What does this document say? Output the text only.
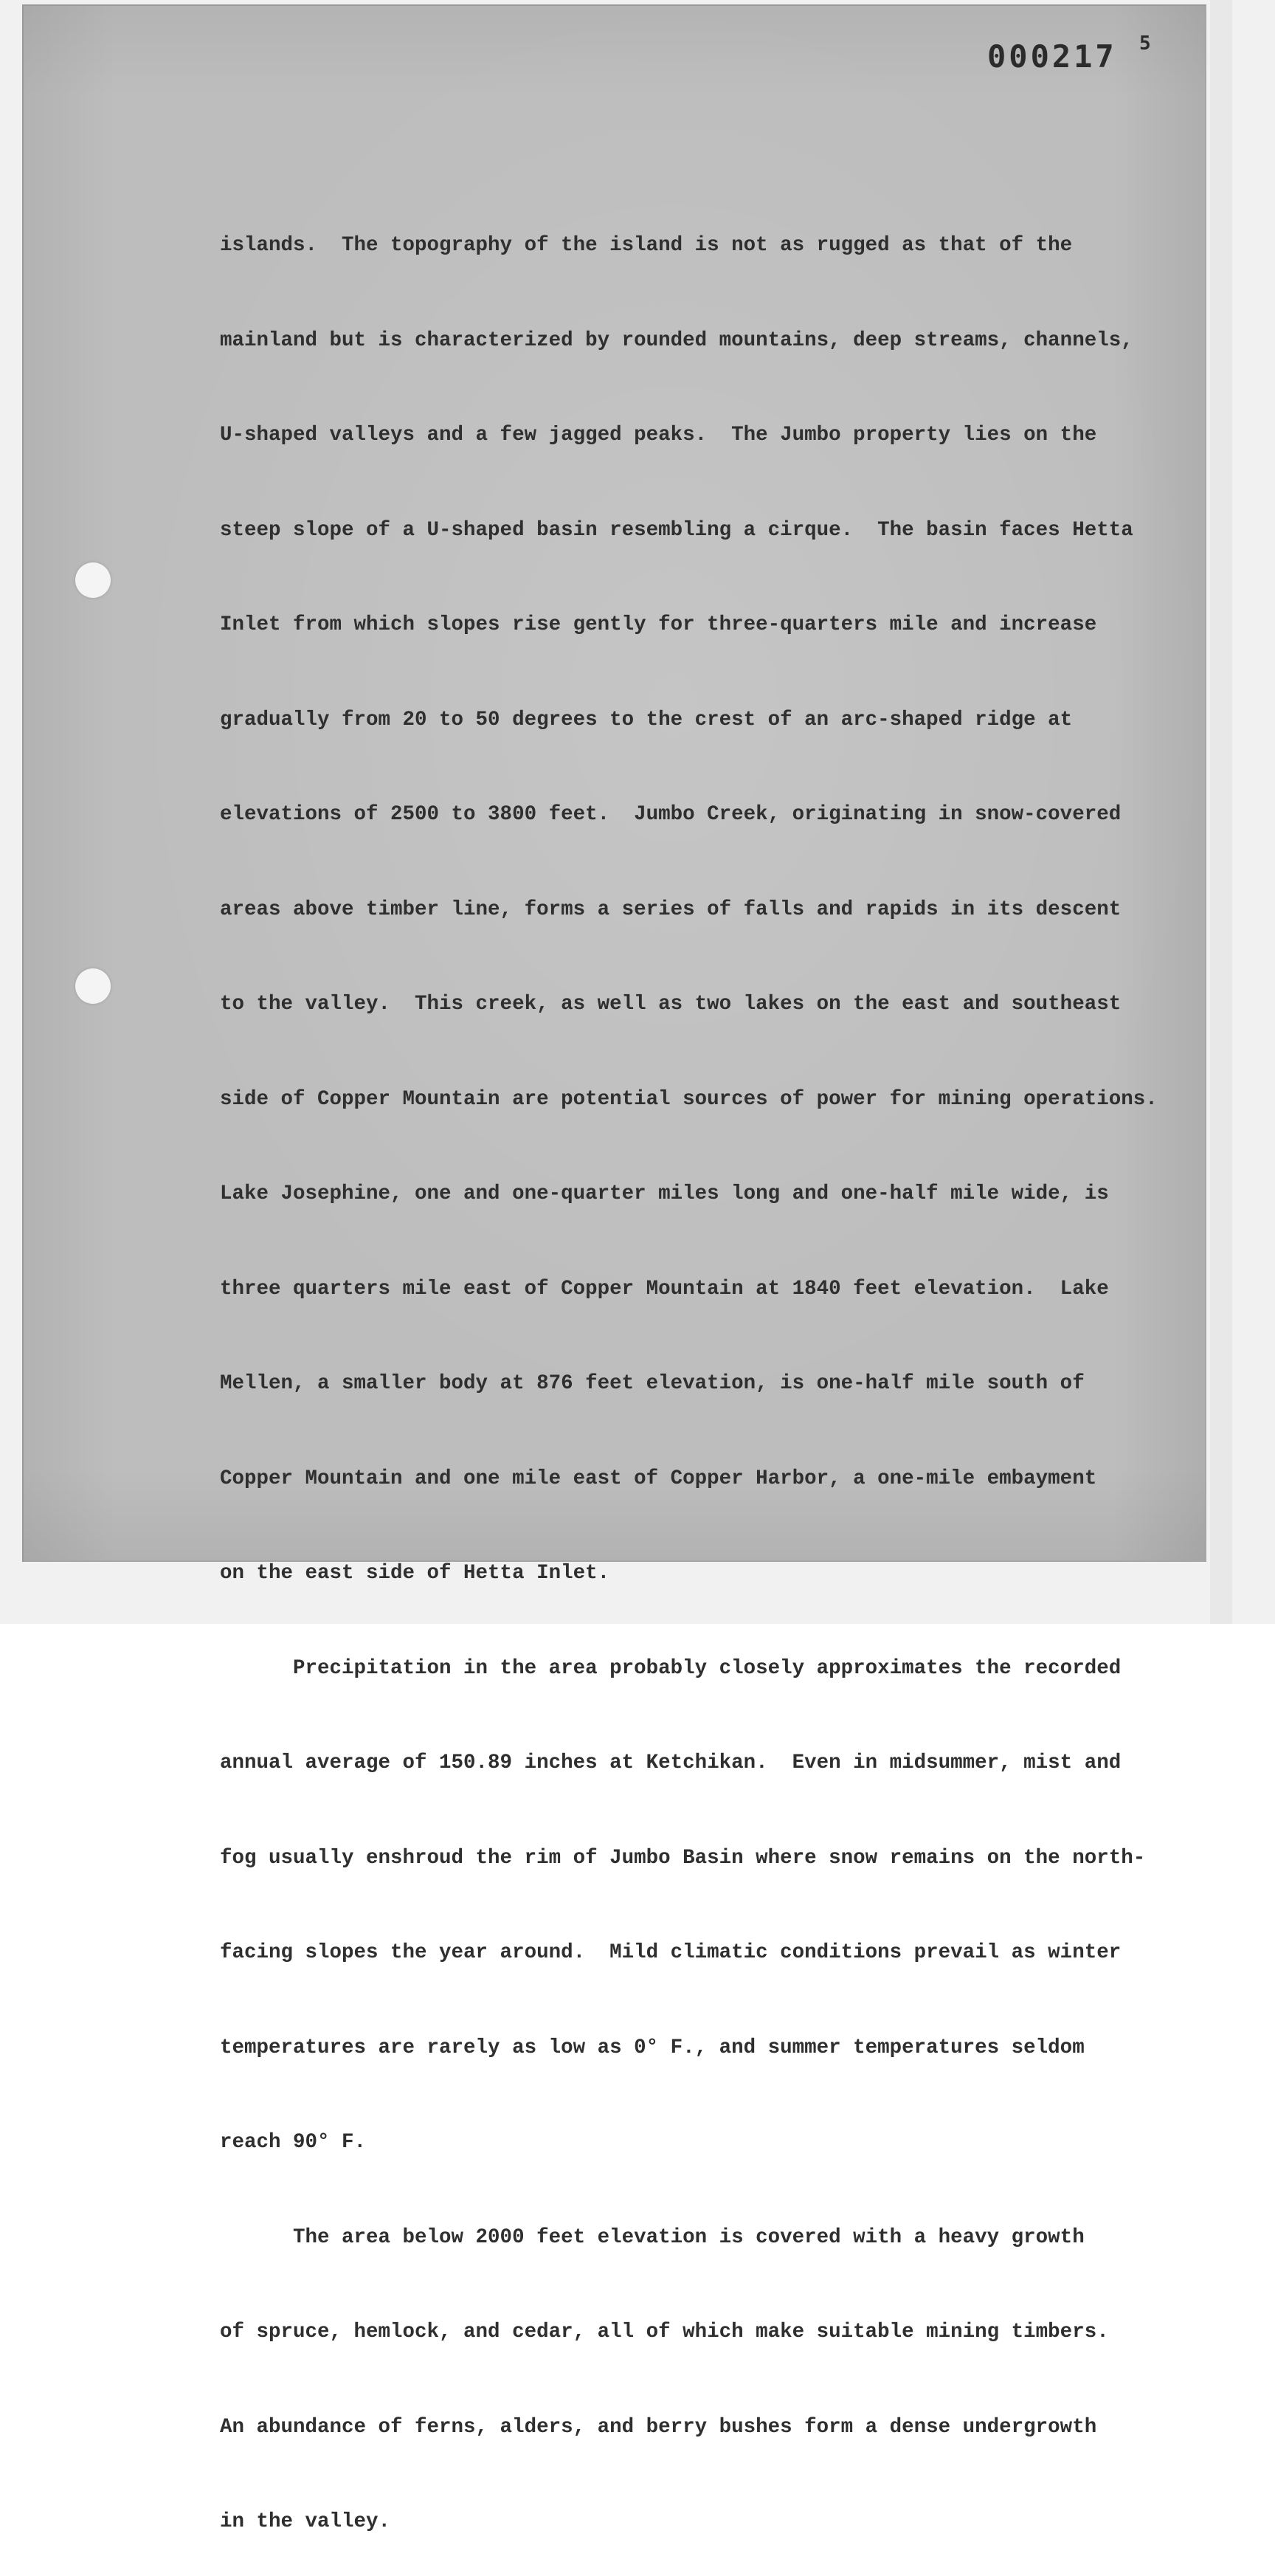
000217 5

islands.  The topography of the island is not as rugged as that of the

mainland but is characterized by rounded mountains, deep streams, channels,

U-shaped valleys and a few jagged peaks.  The Jumbo property lies on the

steep slope of a U-shaped basin resembling a cirque.  The basin faces Hetta

Inlet from which slopes rise gently for three-quarters mile and increase

gradually from 20 to 50 degrees to the crest of an arc-shaped ridge at

elevations of 2500 to 3800 feet.  Jumbo Creek, originating in snow-covered

areas above timber line, forms a series of falls and rapids in its descent

to the valley.  This creek, as well as two lakes on the east and southeast

side of Copper Mountain are potential sources of power for mining operations.

Lake Josephine, one and one-quarter miles long and one-half mile wide, is

three quarters mile east of Copper Mountain at 1840 feet elevation.  Lake

Mellen, a smaller body at 876 feet elevation, is one-half mile south of

Copper Mountain and one mile east of Copper Harbor, a one-mile embayment

on the east side of Hetta Inlet.

Precipitation in the area probably closely approximates the recorded

annual average of 150.89 inches at Ketchikan.  Even in midsummer, mist and

fog usually enshroud the rim of Jumbo Basin where snow remains on the north-

facing slopes the year around.  Mild climatic conditions prevail as winter

temperatures are rarely as low as 0° F., and summer temperatures seldom

reach 90° F.

The area below 2000 feet elevation is covered with a heavy growth

of spruce, hemlock, and cedar, all of which make suitable mining timbers.

An abundance of ferns, alders, and berry bushes form a dense undergrowth

in the valley.
